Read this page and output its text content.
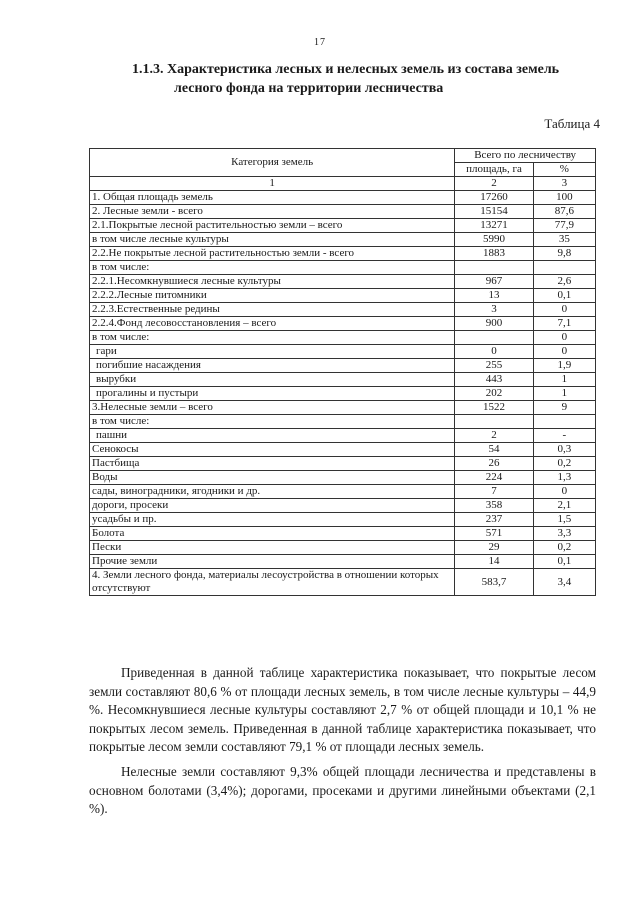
17
1.1.3. Характеристика лесных и нелесных земель из состава земель
лесного фонда на территории лесничества
Таблица 4
Категория земель	Всего по лесничеству	
	площадь, га	%
1	2	3
1. Общая площадь земель	17260	100
2. Лесные земли - всего	15154	87,6
2.1.Покрытые лесной растительностью земли – всего	13271	77,9
в том числе лесные культуры	5990	35
2.2.Не покрытые лесной растительностью земли - всего	1883	9,8
в том числе:		
2.2.1.Несомкнувшиеся лесные культуры	967	2,6
2.2.2.Лесные питомники	13	0,1
2.2.3.Естественные редины	3	0
2.2.4.Фонд лесовосстановления – всего	900	7,1
в том числе:		0
гари	0	0
погибшие насаждения	255	1,9
вырубки	443	1
прогалины и пустыри	202	1
3.Нелесные земли – всего	1522	9
в том числе:		
пашни	2	-
Сенокосы	54	0,3
Пастбища	26	0,2
Воды	224	1,3
сады, виноградники, ягодники и др.	7	0
дороги, просеки	358	2,1
усадьбы и пр.	237	1,5
Болота	571	3,3
Пески	29	0,2
Прочие земли	14	0,1
4. Земли лесного фонда, материалы лесоустройства в отношении которых отсутствуют	583,7	3,4

Приведенная в данной таблице характеристика показывает, что покрытые лесом земли составляют 80,6 % от площади лесных земель, в том числе лесные культуры – 44,9 %. Несомкнувшиеся лесные культуры составляют 2,7 % от общей площади и 10,1 % не покрытых лесом земель. Приведенная в данной таблице характеристика показывает, что покрытые лесом земли составляют 79,1 % от площади лесных земель.

Нелесные земли составляют 9,3% общей площади лесничества и представлены в основном болотами (3,4%); дорогами, просеками и другими линейными объектами (2,1 %).
